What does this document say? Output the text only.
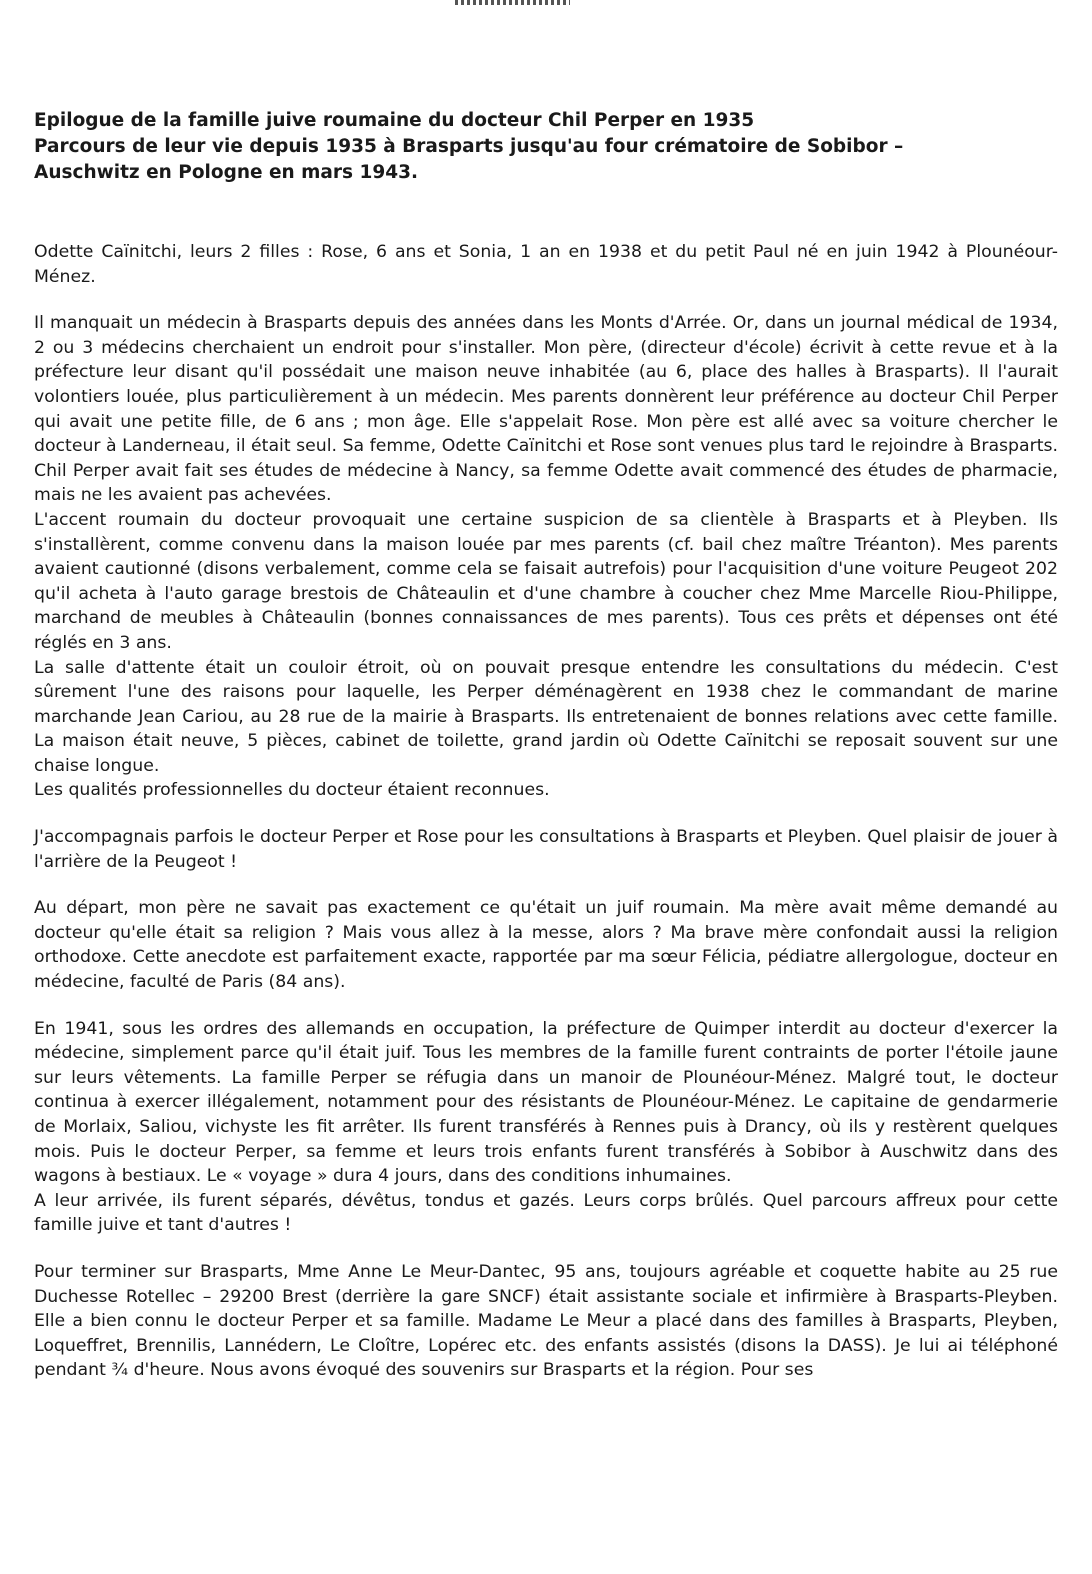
Epilogue de la famille juive roumaine du docteur Chil Perper en 1935

Parcours de leur vie depuis 1935 à Brasparts jusqu'au four crématoire de Sobibor –

Auschwitz en Pologne en mars 1943.

Odette Caïnitchi, leurs 2 filles : Rose, 6 ans et Sonia, 1 an en 1938 et du petit Paul né en juin 1942 à Plounéour-Ménez.

Il manquait un médecin à Brasparts depuis des années dans les Monts d'Arrée. Or, dans un journal médical de 1934, 2 ou 3 médecins cherchaient un endroit pour s'installer. Mon père, (directeur d'école) écrivit à cette revue et à la préfecture leur disant qu'il possédait une maison neuve inhabitée (au 6, place des halles à Brasparts). Il l'aurait volontiers louée, plus particulièrement à un médecin. Mes parents donnèrent leur préférence au docteur Chil Perper qui avait une petite fille, de 6 ans ; mon âge. Elle s'appelait Rose. Mon père est allé avec sa voiture chercher le docteur à Landerneau, il était seul. Sa femme, Odette Caïnitchi et Rose sont venues plus tard le rejoindre à Brasparts. Chil Perper avait fait ses études de médecine à Nancy, sa femme Odette avait commencé des études de pharmacie, mais ne les avaient pas achevées.

L'accent roumain du docteur provoquait une certaine suspicion de sa clientèle à Brasparts et à Pleyben. Ils s'installèrent, comme convenu dans la maison louée par mes parents (cf. bail chez maître Tréanton). Mes parents avaient cautionné (disons verbalement, comme cela se faisait autrefois) pour l'acquisition d'une voiture Peugeot 202 qu'il acheta à l'auto garage brestois de Châteaulin et d'une chambre à coucher chez Mme Marcelle Riou-Philippe, marchand de meubles à Châteaulin (bonnes connaissances de mes parents). Tous ces prêts et dépenses ont été réglés en 3 ans.

La salle d'attente était un couloir étroit, où on pouvait presque entendre les consultations du médecin. C'est sûrement l'une des raisons pour laquelle, les Perper déménagèrent en 1938 chez le commandant de marine marchande Jean Cariou, au 28 rue de la mairie à Brasparts. Ils entretenaient de bonnes relations avec cette famille. La maison était neuve, 5 pièces, cabinet de toilette, grand jardin où Odette Caïnitchi se reposait souvent sur une chaise longue.

Les qualités professionnelles du docteur étaient reconnues.

J'accompagnais parfois le docteur Perper et Rose pour les consultations à Brasparts et Pleyben. Quel plaisir de jouer à l'arrière de la Peugeot !

Au départ, mon père ne savait pas exactement ce qu'était un juif roumain. Ma mère avait même demandé au docteur qu'elle était sa religion ? Mais vous allez à la messe, alors ? Ma brave mère confondait aussi la religion orthodoxe. Cette anecdote est parfaitement exacte, rapportée par ma sœur Félicia, pédiatre allergologue, docteur en médecine, faculté de Paris (84 ans).

En 1941, sous les ordres des allemands en occupation, la préfecture de Quimper interdit au docteur d'exercer la médecine, simplement parce qu'il était juif. Tous les membres de la famille furent contraints de porter l'étoile jaune sur leurs vêtements. La famille Perper se réfugia dans un manoir de Plounéour-Ménez. Malgré tout, le docteur continua à exercer illégalement, notamment pour des résistants de Plounéour-Ménez. Le capitaine de gendarmerie de Morlaix, Saliou, vichyste les fit arrêter. Ils furent transférés à Rennes puis à Drancy, où ils y restèrent quelques mois. Puis le docteur Perper, sa femme et leurs trois enfants furent transférés à Sobibor à Auschwitz dans des wagons à bestiaux. Le « voyage » dura 4 jours, dans des conditions inhumaines.

A leur arrivée, ils furent séparés, dévêtus, tondus et gazés. Leurs corps brûlés. Quel parcours affreux pour cette famille juive et tant d'autres !

Pour terminer sur Brasparts, Mme Anne Le Meur-Dantec, 95 ans, toujours agréable et coquette habite au 25 rue Duchesse Rotellec – 29200 Brest (derrière la gare SNCF) était assistante sociale et infirmière à Brasparts-Pleyben. Elle a bien connu le docteur Perper et sa famille. Madame Le Meur a placé dans des familles à Brasparts, Pleyben, Loqueffret, Brennilis, Lannédern, Le Cloître, Lopérec etc. des enfants assistés (disons la DASS). Je lui ai téléphoné pendant ¾ d'heure. Nous avons évoqué des souvenirs sur Brasparts et la région. Pour ses
